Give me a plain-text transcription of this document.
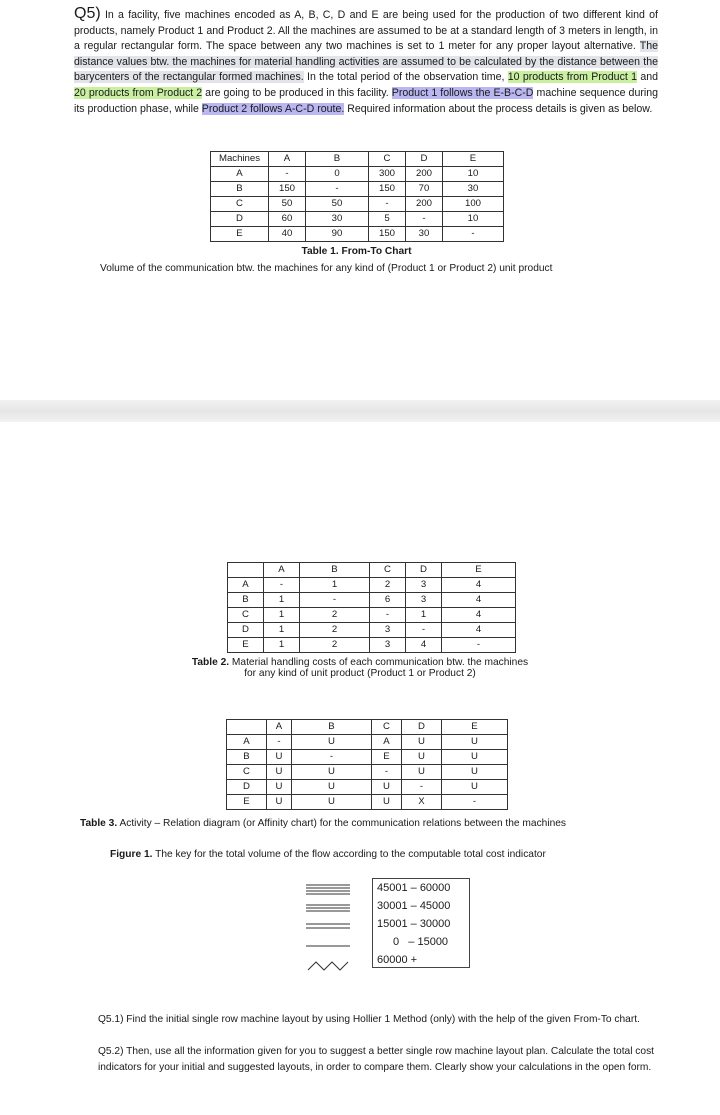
Q5) In a facility, five machines encoded as A, B, C, D and E are being used for the production of two different kind of products, namely Product 1 and Product 2. All the machines are assumed to be at a standard length of 3 meters in length, in a regular rectangular form. The space between any two machines is set to 1 meter for any proper layout alternative. The distance values btw. the machines for material handling activities are assumed to be calculated by the distance between the barycenters of the rectangular formed machines. In the total period of the observation time, 10 products from Product 1 and 20 products from Product 2 are going to be produced in this facility. Product 1 follows the E-B-C-D machine sequence during its production phase, while Product 2 follows A-C-D route. Required information about the process details is given as below.

Machines	A	B	C	D	E
A	-	0	300	200	10
B	150	-	150	70	30
C	50	50	-	200	100
D	60	30	5	-	10
E	40	90	150	30	-
Table 1. From-To Chart
Volume of the communication btw. the machines for any kind of (Product 1 or Product 2) unit product
	A	B	C	D	E
A	-	1	2	3	4
B	1	-	6	3	4
C	1	2	-	1	4
D	1	2	3	-	4
E	1	2	3	4	-
Table 2. Material handling costs of each communication btw. the machines
for any kind of unit product (Product 1 or Product 2)
	A	B	C	D	E
A	-	U	A	U	U
B	U	-	E	U	U
C	U	U	-	U	U
D	U	U	U	-	U
E	U	U	U	X	-
Table 3. Activity – Relation diagram (or Affinity chart) for the communication relations between the machines
Figure 1. The key for the total volume of the flow according to the computable total cost indicator
45001 – 60000
30001 – 45000
15001 – 30000
0   – 15000
60000 +
Q5.1) Find the initial single row machine layout by using Hollier 1 Method (only) with the help of the given From-To chart.
Q5.2) Then, use all the information given for you to suggest a better single row machine layout plan. Calculate the total cost indicators for your initial and suggested layouts, in order to compare them. Clearly show your calculations in the open form.
